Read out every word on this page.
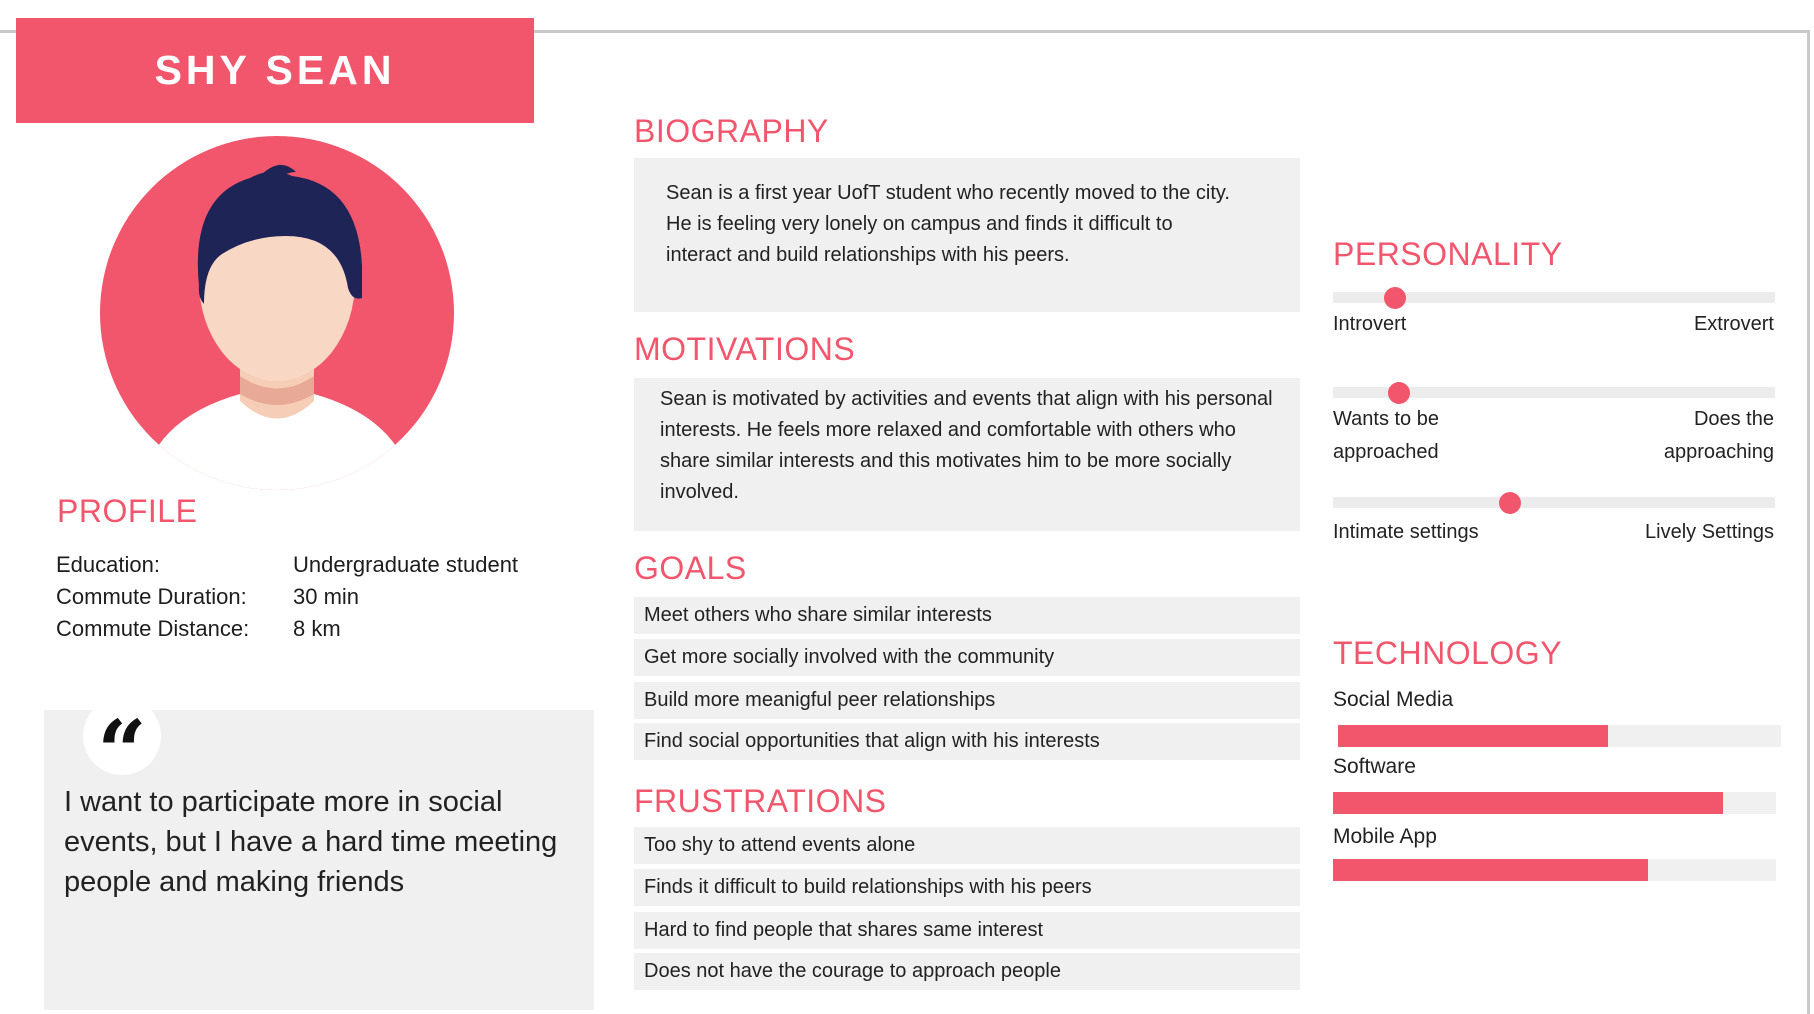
SHY SEAN
PROFILE
Education:	Undergraduate student
Commute Duration:	30 min
Commute Distance:	8 km
“
I want to participate more in social events, but I have a hard time meeting people and making friends
BIOGRAPHY
Sean is a first year UofT student who recently moved to the city. He is feeling very lonely on campus and finds it difficult to interact and build relationships with his peers.
MOTIVATIONS
Sean is motivated by activities and events that align with his personal interests. He feels more relaxed and comfortable with others who share similar interests and this motivates him to be more socially involved.
GOALS
Meet others who share similar interests
Get more socially involved with the community
Build more meanigful peer relationships
Find social opportunities that align with his interests
FRUSTRATIONS
Too shy to attend events alone
Finds it difficult to build relationships with his peers
Hard to find people that shares same interest
Does not have the courage to approach people
PERSONALITY
Introvert	Extrovert
Wants to be approached
Does the approaching
Intimate settings	Lively Settings
TECHNOLOGY
Social Media
Software
Mobile App
